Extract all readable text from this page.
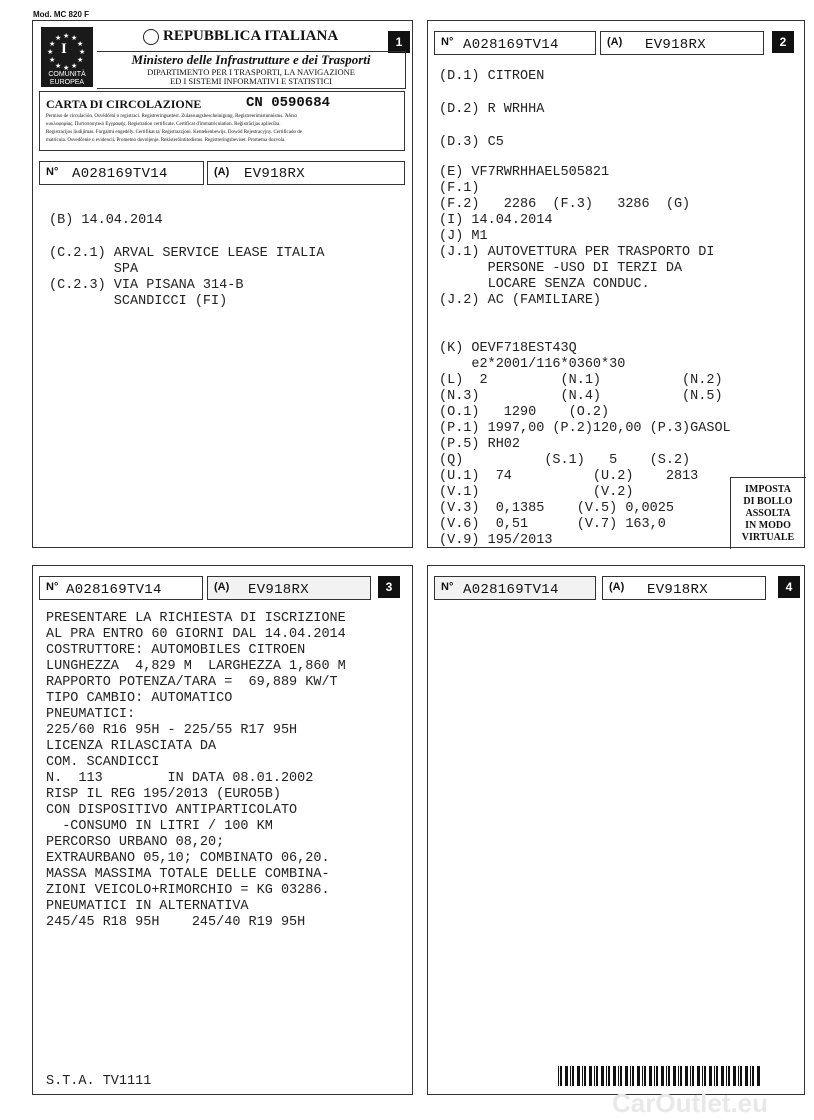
Mod. MC 820 F
1
★ ★
★
★
★
★
★
★
★
★
★ ★
I
COMUNITÀ
EUROPEA
REPUBBLICA ITALIANA
Ministero delle Infrastrutture e dei Trasporti
DIPARTIMENTO PER I TRASPORTI, LA NAVIGAZIONE
ED I SISTEMI INFORMATIVI E STATISTICI
CARTA DI CIRCOLAZIONE	CN 0590684
Permiso de circulación. Osvědčení o registraci. Registreringsattest. Zulassungsbescheinigung. Registreerimistunnistus. Άδεια
κυκλοφορίας. Πιστοποιητικό Εγγραφής. Registration certificate. Certificat d'immatriculation. Reģistrācijas apliecība.
Registracijos liudijimas. Forgalmi engedély. Certifikat ta' Reġistrazzjoni. Kentekenbewijs. Dowód Rejestracyjny. Certificado de
matrícula. Osvedčenie o evidencii. Prometno dovoljenje. Rekisteröintitodistus. Registreringsbeviset. Prometna dozvola.
N° A028169TV14	(A) EV918RX
(B) 14.04.2014
(C.2.1) ARVAL SERVICE LEASE ITALIA
SPA
(C.2.3) VIA PISANA 314-B
SCANDICCI (FI)
2
N° A028169TV14	(A) EV918RX
(D.1) CITROEN
(D.2) R WRHHA
(D.3) C5
(E) VF7RWRHHAEL505821
(F.1)
(F.2)   2286  (F.3)   3286  (G)
(I) 14.04.2014
(J) M1
(J.1) AUTOVETTURA PER TRASPORTO DI
PERSONE -USO DI TERZI DA
LOCARE SENZA CONDUC.
(J.2) AC (FAMILIARE)
(K) OEVF718EST43Q
e2*2001/116*0360*30
(L)  2         (N.1)          (N.2)
(N.3)          (N.4)          (N.5)
(O.1)   1290    (O.2)
(P.1) 1997,00 (P.2)120,00 (P.3)GASOL
(P.5) RH02
(Q)          (S.1)   5    (S.2)
(U.1)  74          (U.2)    2813
(V.1)              (V.2)
(V.3)  0,1385    (V.5) 0,0025
(V.6)  0,51      (V.7) 163,0
(V.9) 195/2013
IMPOSTA
DI BOLLO
ASSOLTA
IN MODO
VIRTUALE
3
N° A028169TV14	(A) EV918RX
PRESENTARE LA RICHIESTA DI ISCRIZIONE
AL PRA ENTRO 60 GIORNI DAL 14.04.2014
COSTRUTTORE: AUTOMOBILES CITROEN
LUNGHEZZA  4,829 M  LARGHEZZA 1,860 M
RAPPORTO POTENZA/TARA =  69,889 KW/T
TIPO CAMBIO: AUTOMATICO
PNEUMATICI:
225/60 R16 95H - 225/55 R17 95H
LICENZA RILASCIATA DA
COM. SCANDICCI
N.  113        IN DATA 08.01.2002
RISP IL REG 195/2013 (EURO5B)
CON DISPOSITIVO ANTIPARTICOLATO
-CONSUMO IN LITRI / 100 KM
PERCORSO URBANO 08,20;
EXTRAURBANO 05,10; COMBINATO 06,20.
MASSA MASSIMA TOTALE DELLE COMBINA-
ZIONI VEICOLO+RIMORCHIO = KG 03286.
PNEUMATICI IN ALTERNATIVA
245/45 R18 95H    245/40 R19 95H
S.T.A. TV1111
4
N° A028169TV14	(A) EV918RX
CarOutlet.eu
